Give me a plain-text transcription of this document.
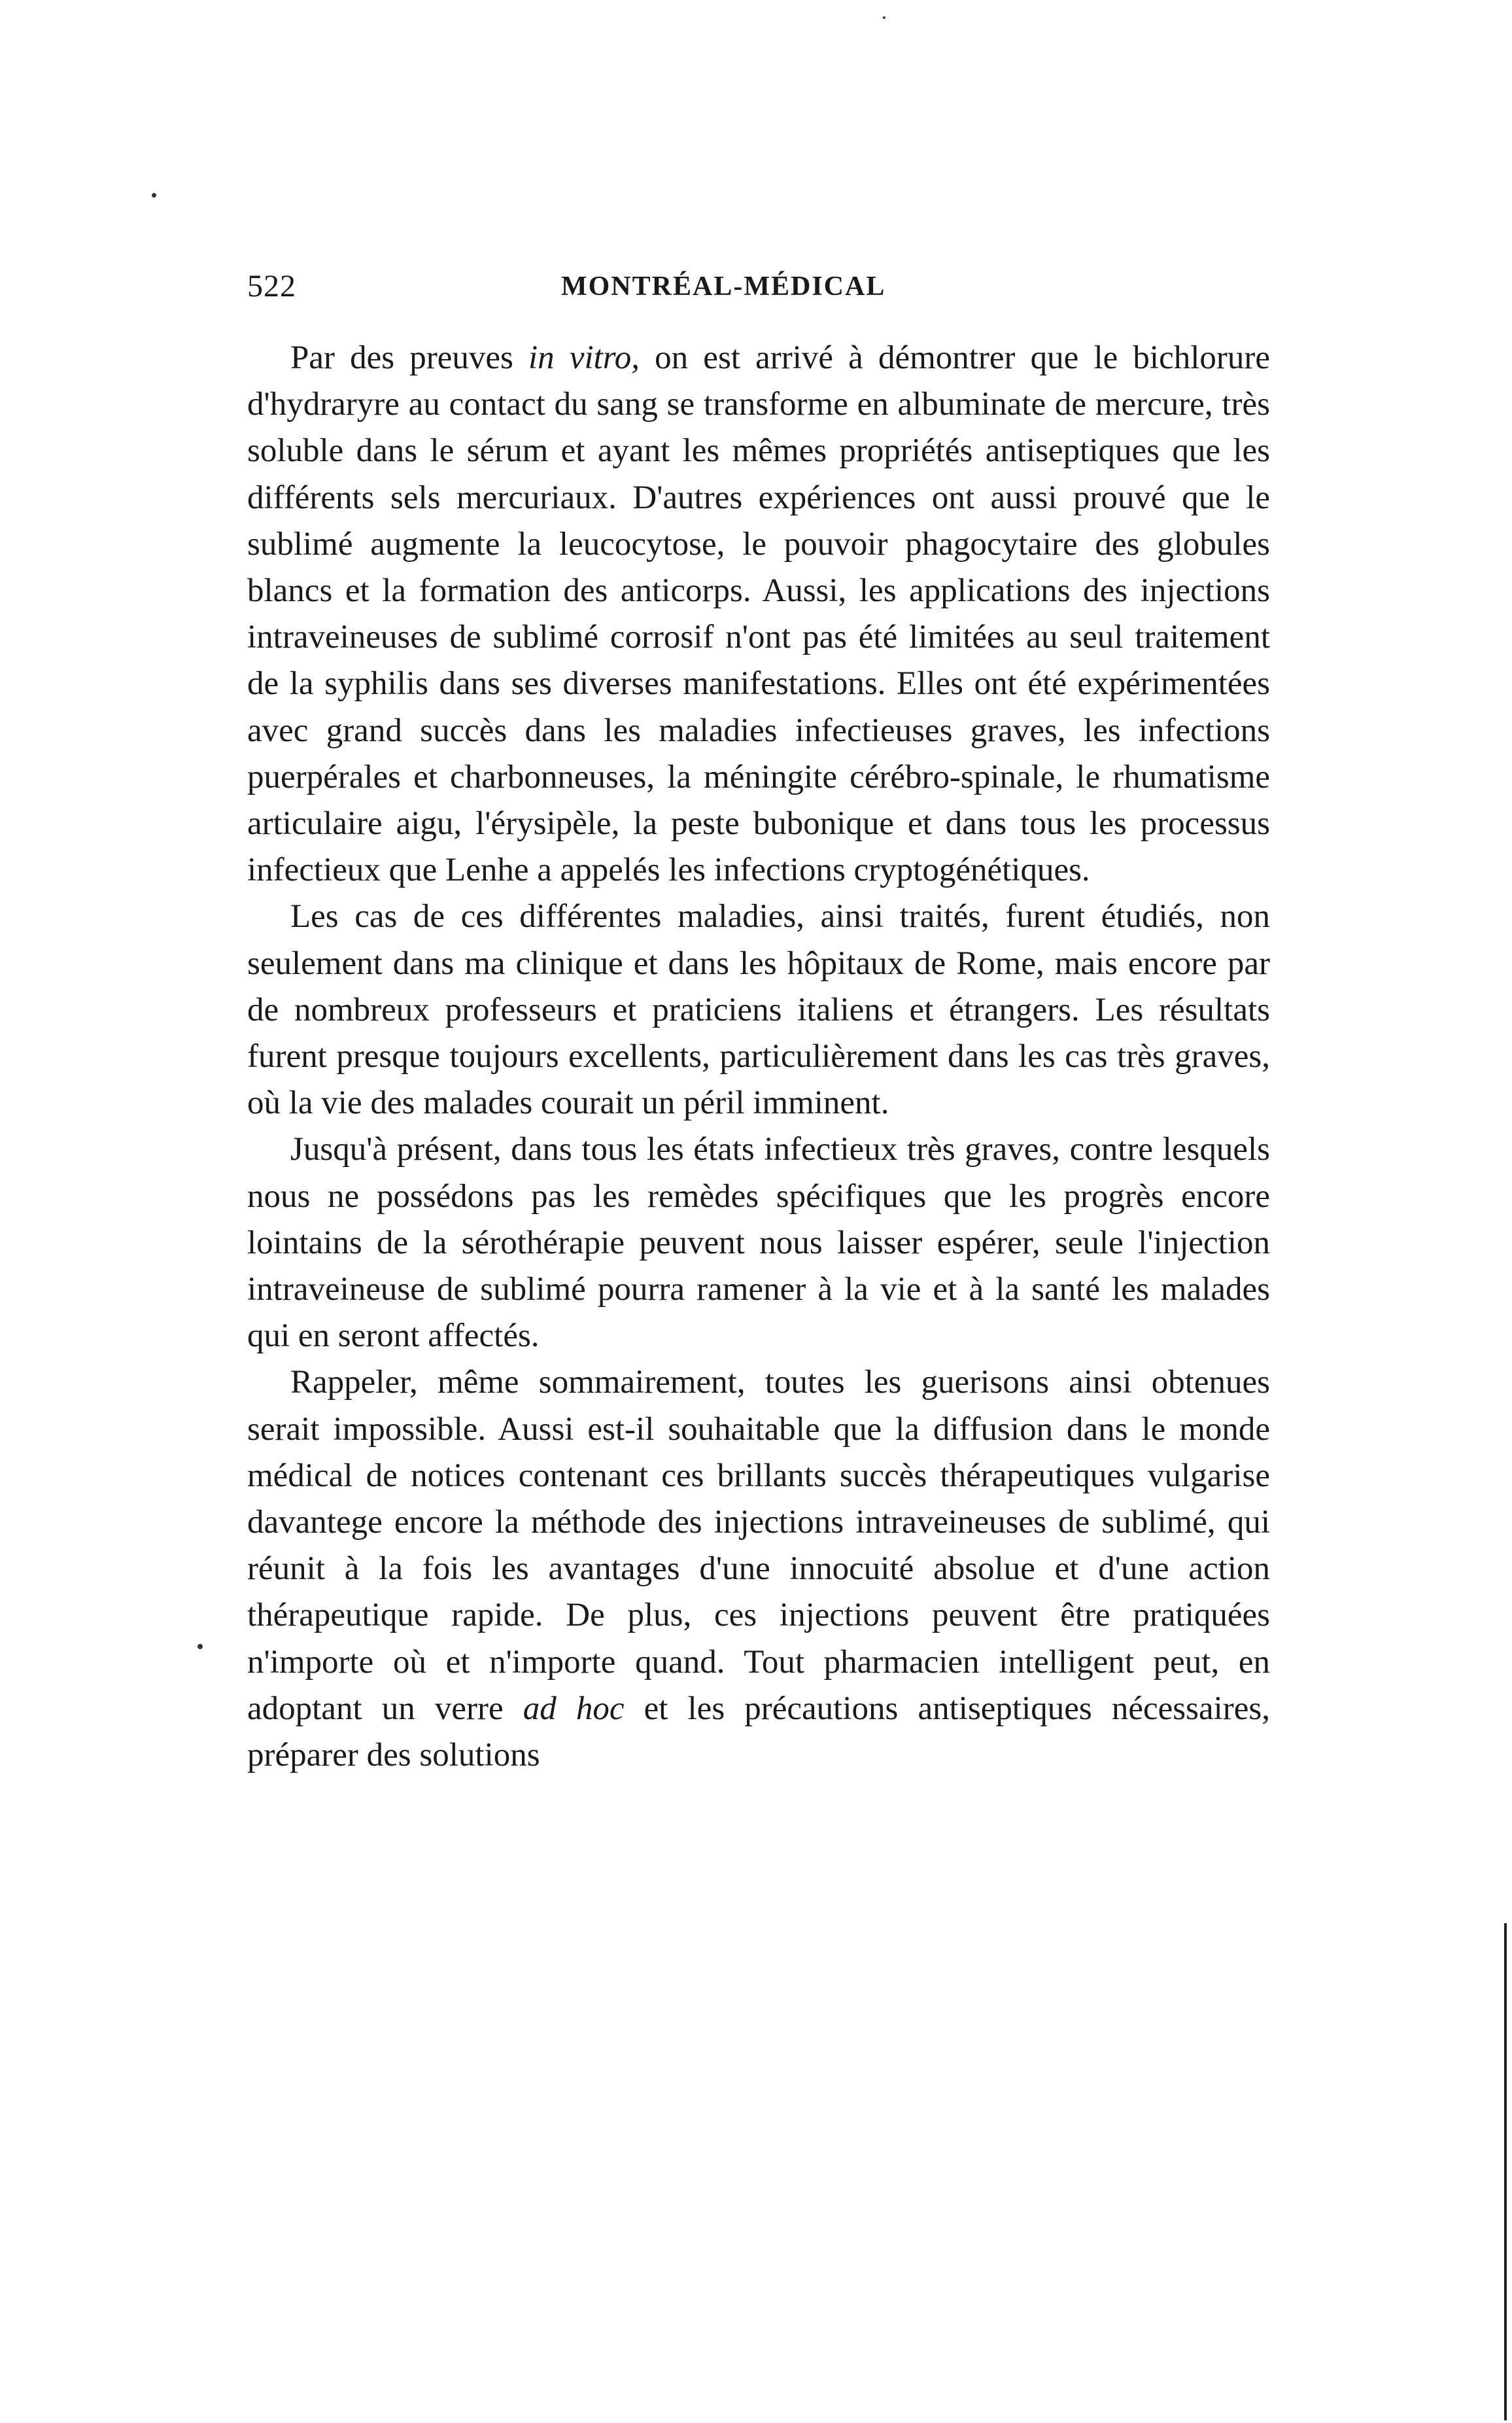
522	MONTRÉAL-MÉDICAL

Par des preuves in vitro, on est arrivé à démontrer que le bichlorure d'hydraryre au contact du sang se transforme en albuminate de mercure, très soluble dans le sérum et ayant les mêmes propriétés antiseptiques que les différents sels mercuriaux. D'autres expériences ont aussi prouvé que le sublimé augmente la leucocytose, le pouvoir phagocytaire des globules blancs et la formation des anticorps. Aussi, les applications des injections intraveineuses de sublimé corrosif n'ont pas été limitées au seul traitement de la syphilis dans ses diverses manifestations. Elles ont été expérimentées avec grand succès dans les maladies infectieuses graves, les infections puerpérales et charbonneuses, la méningite cérébro-spinale, le rhumatisme articulaire aigu, l'érysipèle, la peste bubonique et dans tous les processus infectieux que Lenhe a appelés les infections cryptogénétiques.

Les cas de ces différentes maladies, ainsi traités, furent étudiés, non seulement dans ma clinique et dans les hôpitaux de Rome, mais encore par de nombreux professeurs et praticiens italiens et étrangers. Les résultats furent presque toujours excellents, particulièrement dans les cas très graves, où la vie des malades courait un péril imminent.

Jusqu'à présent, dans tous les états infectieux très graves, contre lesquels nous ne possédons pas les remèdes spécifiques que les progrès encore lointains de la sérothérapie peuvent nous laisser espérer, seule l'injection intraveineuse de sublimé pourra ramener à la vie et à la santé les malades qui en seront affectés.

Rappeler, même sommairement, toutes les guerisons ainsi obtenues serait impossible. Aussi est-il souhaitable que la diffusion dans le monde médical de notices contenant ces brillants succès thérapeutiques vulgarise davantege encore la méthode des injections intraveineuses de sublimé, qui réunit à la fois les avantages d'une innocuité absolue et d'une action thérapeutique rapide. De plus, ces injections peuvent être pratiquées n'importe où et n'importe quand. Tout pharmacien intelligent peut, en adoptant un verre ad hoc et les précautions antiseptiques nécessaires, préparer des solutions
